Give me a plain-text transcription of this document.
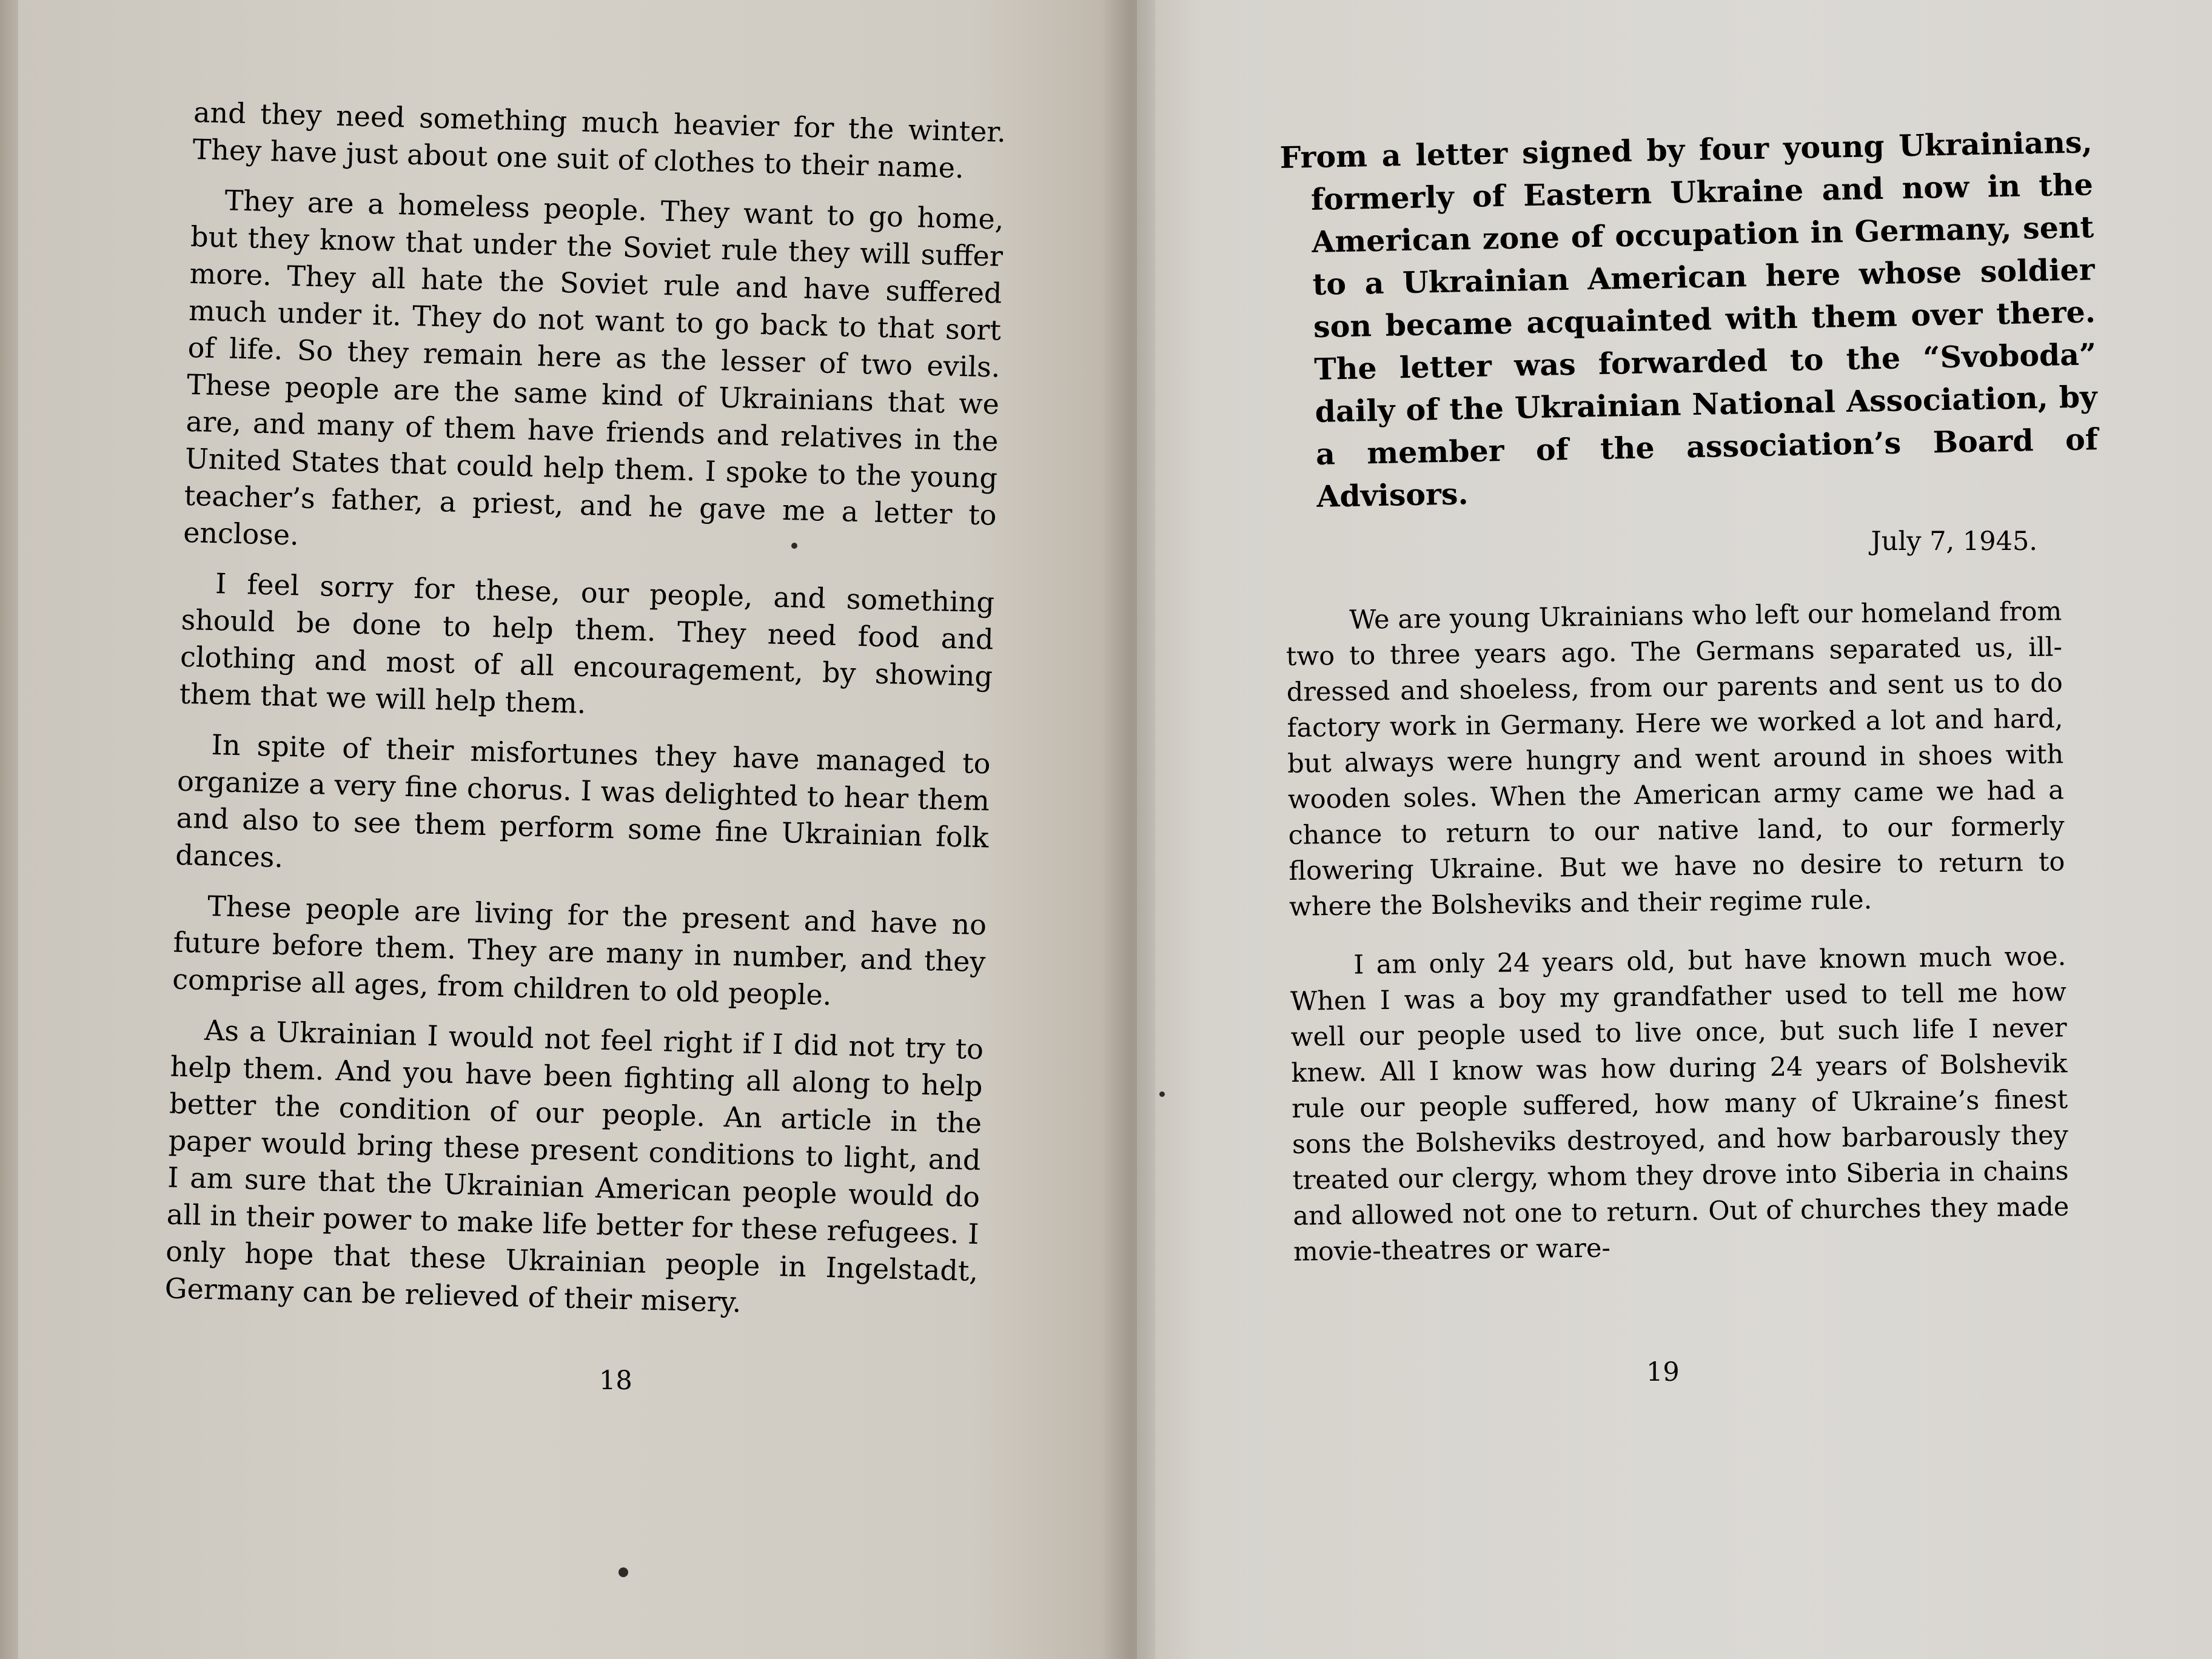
and they need something much heavier for the winter. They have just about one suit of clothes to their name.

They are a homeless people. They want to go home, but they know that under the Soviet rule they will suffer more. They all hate the Soviet rule and have suffered much under it. They do not want to go back to that sort of life. So they remain here as the lesser of two evils. These people are the same kind of Ukrainians that we are, and many of them have friends and relatives in the United States that could help them. I spoke to the young teacher’s father, a priest, and he gave me a letter to enclose.

I feel sorry for these, our people, and something should be done to help them. They need food and clothing and most of all encouragement, by showing them that we will help them.

In spite of their misfortunes they have managed to organize a very fine chorus. I was delighted to hear them and also to see them perform some fine Ukrainian folk dances.

These people are living for the present and have no future before them. They are many in number, and they comprise all ages, from children to old people.

As a Ukrainian I would not feel right if I did not try to help them. And you have been fighting all along to help better the condition of our people. An article in the paper would bring these present conditions to light, and I am sure that the Ukrainian American people would do all in their power to make life better for these refugees. I only hope that these Ukrainian people in Ingelstadt, Germany can be relieved of their misery.

18
From a letter signed by four young Ukrainians, formerly of Eastern Ukraine and now in the American zone of occupation in Germany, sent to a Ukrainian American here whose soldier son became acquainted with them over there. The letter was forwarded to the “Svoboda” daily of the Ukrainian National Association, by a member of the association’s Board of Advisors.
July 7, 1945.

We are young Ukrainians who left our homeland from two to three years ago. The Germans separated us, ill-dressed and shoeless, from our parents and sent us to do factory work in Germany. Here we worked a lot and hard, but always were hungry and went around in shoes with wooden soles. When the American army came we had a chance to return to our native land, to our formerly flowering Ukraine. But we have no desire to return to where the Bolsheviks and their regime rule.

I am only 24 years old, but have known much woe. When I was a boy my grandfather used to tell me how well our people used to live once, but such life I never knew. All I know was how during 24 years of Bolshevik rule our people suffered, how many of Ukraine’s finest sons the Bolsheviks destroyed, and how barbarously they treated our clergy, whom they drove into Siberia in chains and allowed not one to return. Out of churches they made movie-theatres or ware-

19
